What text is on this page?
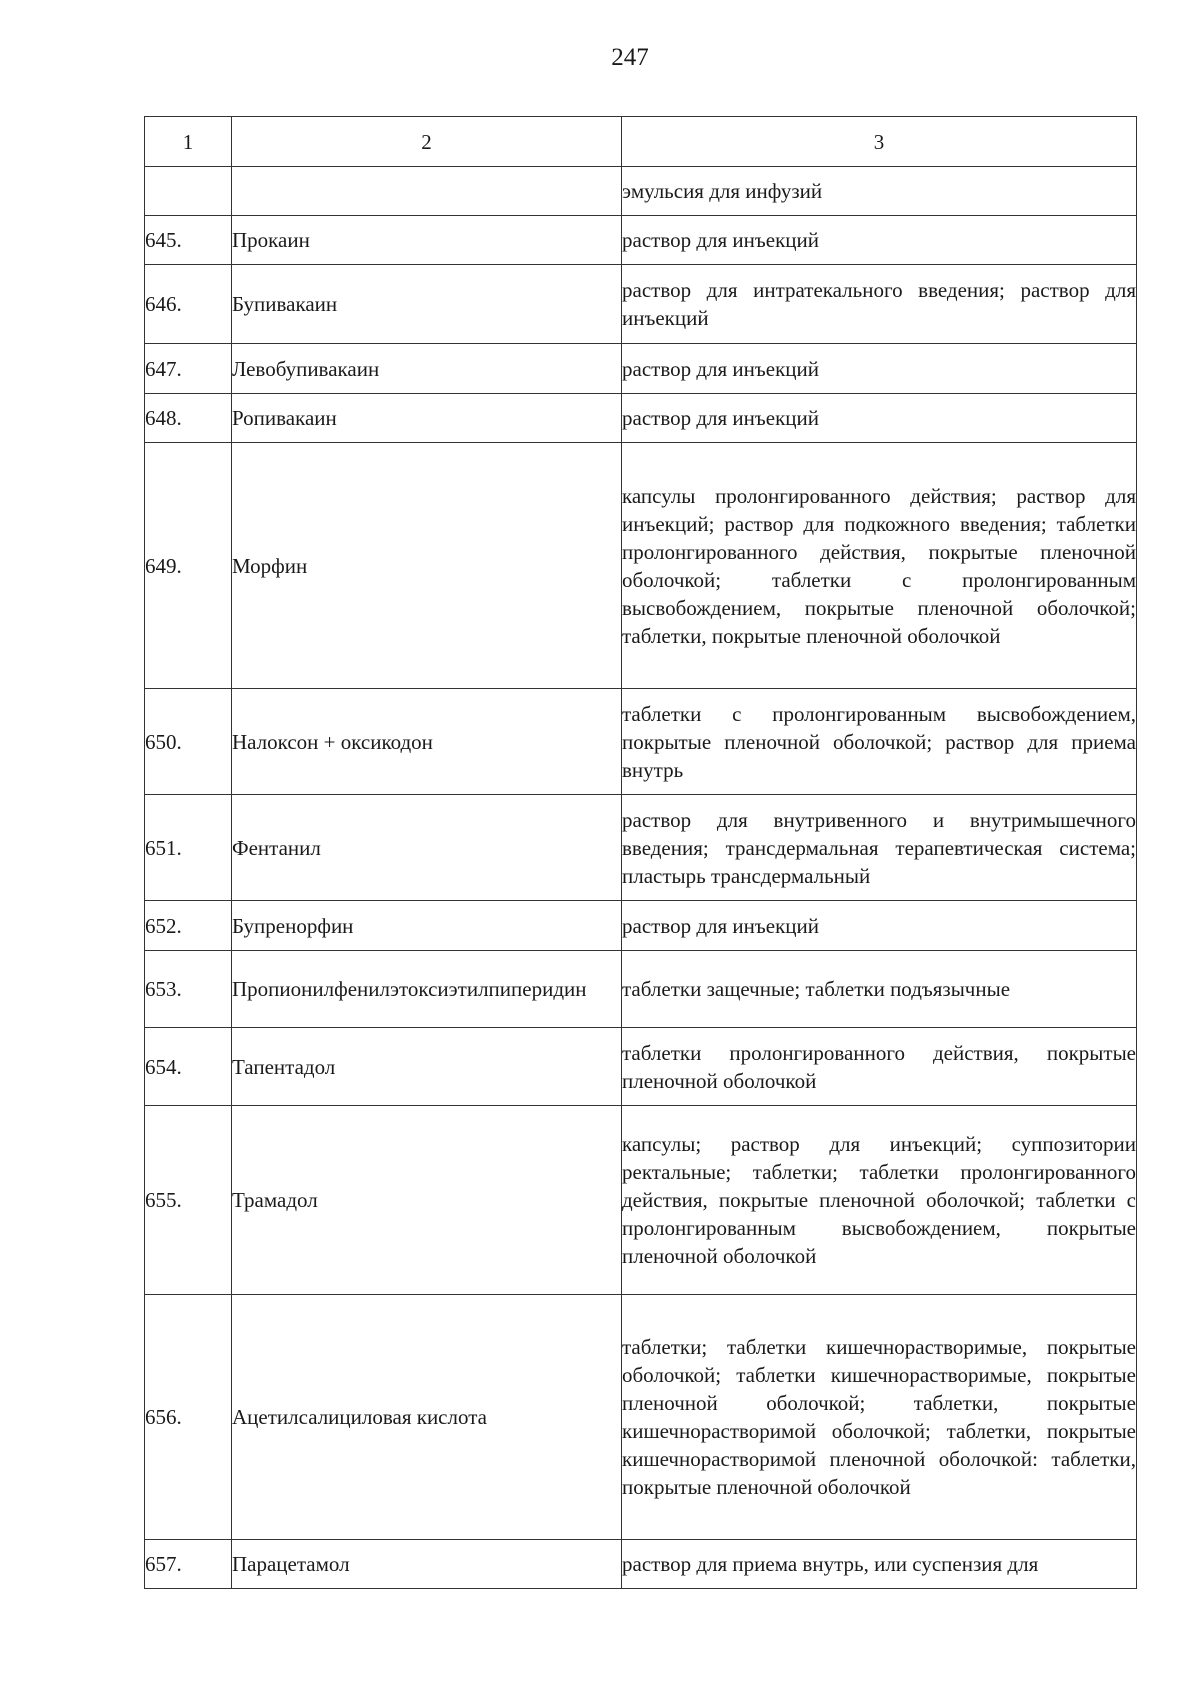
247
1	2	3
		эмульсия для инфузий
645.	Прокаин	раствор для инъекций
646.	Бупивакаин	раствор для интратекального введения; раствор для инъекций
647.	Левобупивакаин	раствор для инъекций
648.	Ропивакаин	раствор для инъекций
649.	Морфин	капсулы пролонгированного действия; раствор для инъекций; раствор для подкожного введения; таблетки пролонгированного действия, покрытые пленочной оболочкой; таблетки с пролонгированным высвобождением, покрытые пленочной оболочкой; таблетки, покрытые пленочной оболочкой
650.	Налоксон + оксикодон	таблетки с пролонгированным высвобождением, покрытые пленочной оболочкой; раствор для приема внутрь
651.	Фентанил	раствор для внутривенного и внутримышечного введения; трансдермальная терапевтическая система; пластырь трансдермальный
652.	Бупренорфин	раствор для инъекций
653.	Пропионилфенилэтоксиэтилпиперидин	таблетки защечные; таблетки подъязычные
654.	Тапентадол	таблетки пролонгированного действия, покрытые пленочной оболочкой
655.	Трамадол	капсулы; раствор для инъекций; суппозитории ректальные; таблетки; таблетки пролонгированного действия, покрытые пленочной оболочкой; таблетки с пролонгированным высвобождением, покрытые пленочной оболочкой
656.	Ацетилсалициловая кислота	таблетки; таблетки кишечнорастворимые, покрытые оболочкой; таблетки кишечнорастворимые, покрытые пленочной оболочкой; таблетки, покрытые кишечнорастворимой оболочкой; таблетки, покрытые кишечнорастворимой пленочной оболочкой: таблетки, покрытые пленочной оболочкой
657.	Парацетамол	раствор для приема внутрь, или суспензия для
